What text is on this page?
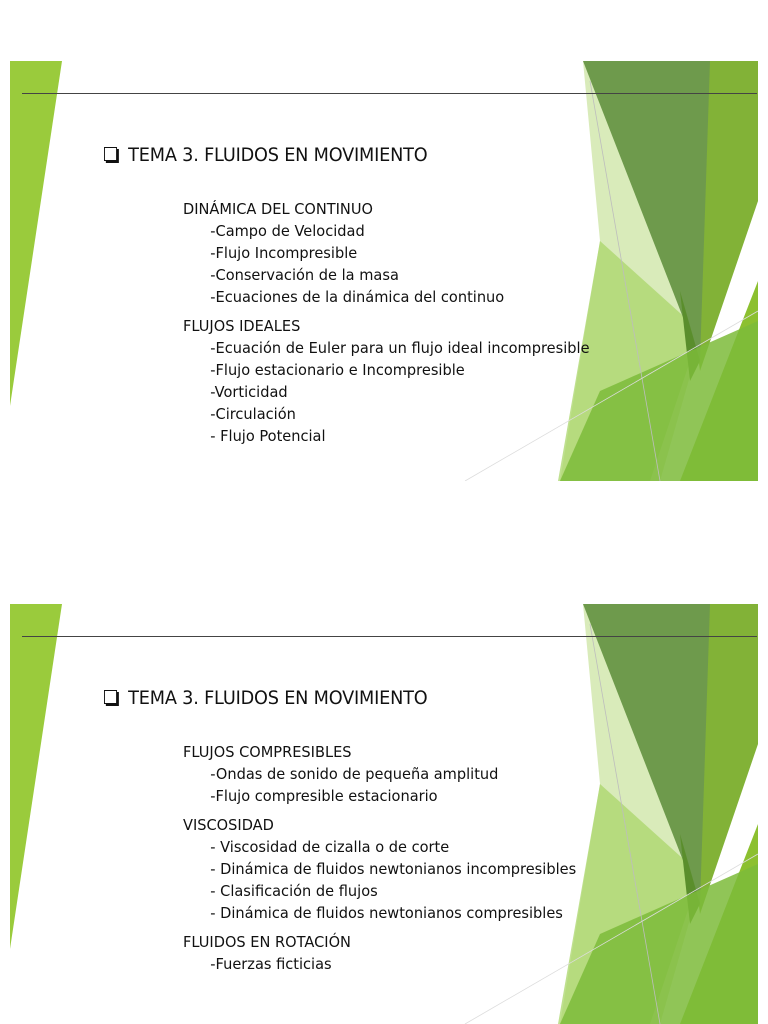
TEMA 3. FLUIDOS EN MOVIMIENTO
DINÁMICA DEL CONTINUO
-Campo de Velocidad
-Flujo Incompresible
-Conservación de la masa
-Ecuaciones de la dinámica del continuo
FLUJOS IDEALES
-Ecuación de Euler para un flujo ideal incompresible
-Flujo estacionario e Incompresible
-Vorticidad
-Circulación
- Flujo Potencial
TEMA 3. FLUIDOS EN MOVIMIENTO
FLUJOS COMPRESIBLES
-Ondas de sonido de pequeña amplitud
-Flujo compresible estacionario
VISCOSIDAD
- Viscosidad de cizalla o de corte
- Dinámica de fluidos newtonianos incompresibles
- Clasificación de flujos
- Dinámica de fluidos newtonianos compresibles
FLUIDOS EN ROTACIÓN
-Fuerzas ficticias
